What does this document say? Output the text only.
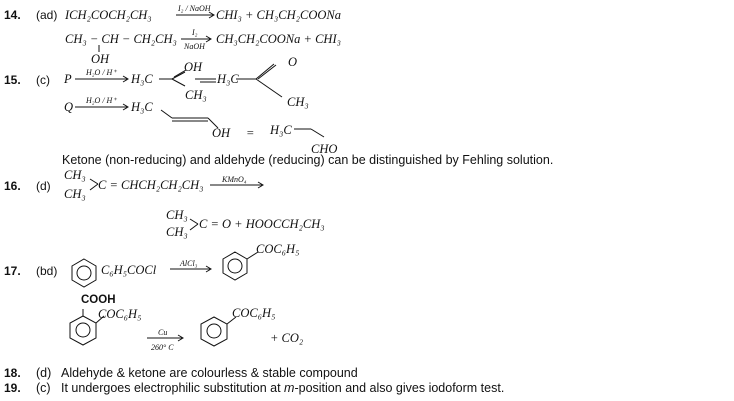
14. (ad) ICH₂COCH₂CH₃	I₂ / NaOH CHI₃ + CH₃CH₂COONa
CH₃ − CH − CH₂CH₃ I₂
NaOH
CH₃CH₂COONa + CHI₃
OH
15. (c) P H₂O / H⁺ H₃C
OH
CH₃
H₃C
O
CH₃
Q H₂O / H⁺ H₃C
OH = H₃C
CHO
Ketone (non-reducing) and aldehyde (reducing) can be distinguished by Fehling solution.
16. (d)
CH₃
CH₃
C = CHCH₂CH₂CH₃ KMnO₄
CH₃
CH₃
C = O + HOOCCH₂CH₃
17. (bd)	C₆H₅COCl	AlCl₃
COC₆H₅
COOH
COC₆H₅
Cu
260° C
COC₆H₅
+ CO₂
18. (d) Aldehyde & ketone are colourless & stable compound
19. (c) It undergoes electrophilic substitution at m-position and also gives iodoform test.
